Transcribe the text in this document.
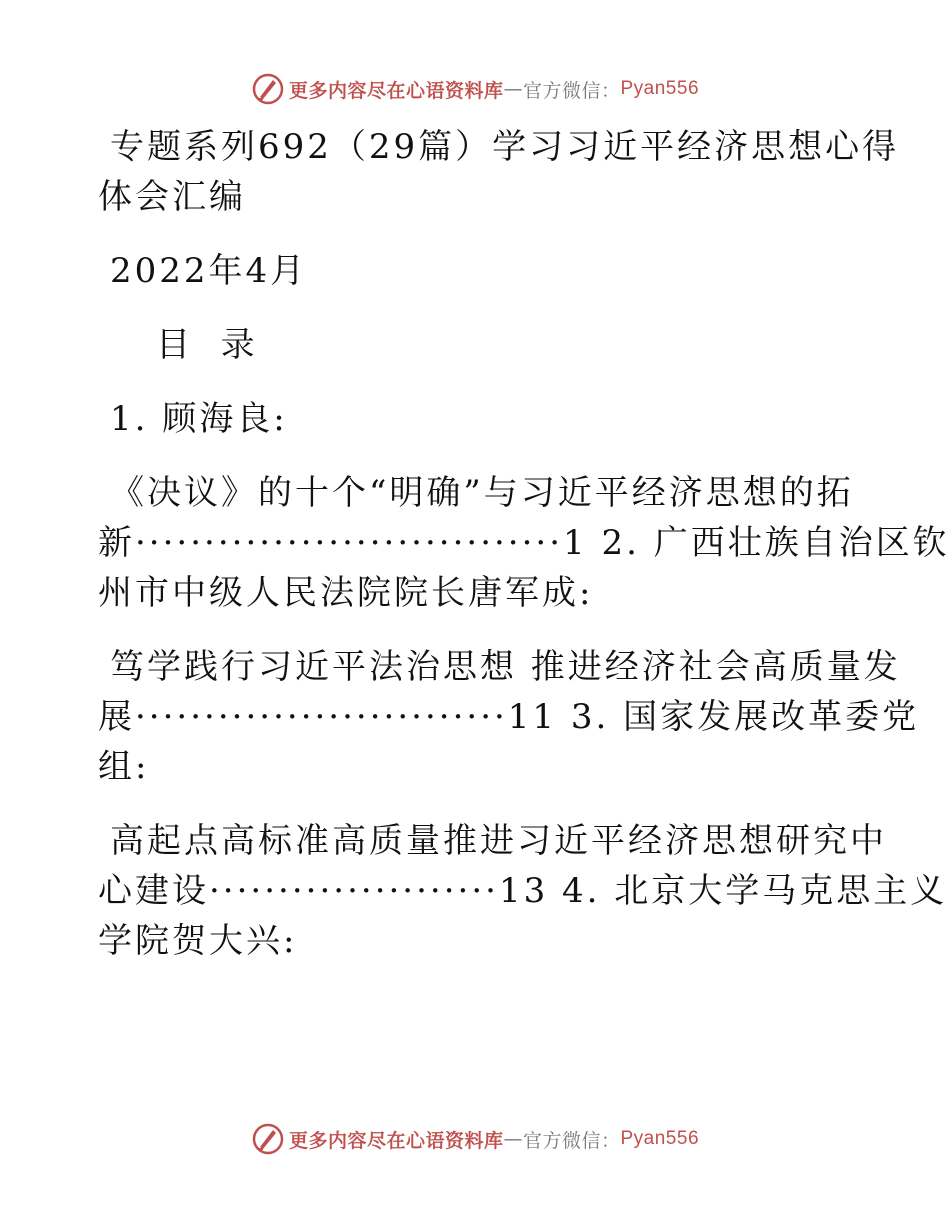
更多内容尽在心语资料库 — 官方微信： Pyan556
专题系列692（29篇）学习习近平经济思想心得
体会汇编
2022年4月
目  录
1. 顾海良:
《决议》的十个“明确”与习近平经济思想的拓
新·······························1 2. 广西壮族自治区钦
州市中级人民法院院长唐军成:
笃学践行习近平法治思想 推进经济社会高质量发
展···························11 3. 国家发展改革委党
组:
高起点高标准高质量推进习近平经济思想研究中
心建设·····················13 4. 北京大学马克思主义
学院贺大兴:
更多内容尽在心语资料库 — 官方微信： Pyan556
